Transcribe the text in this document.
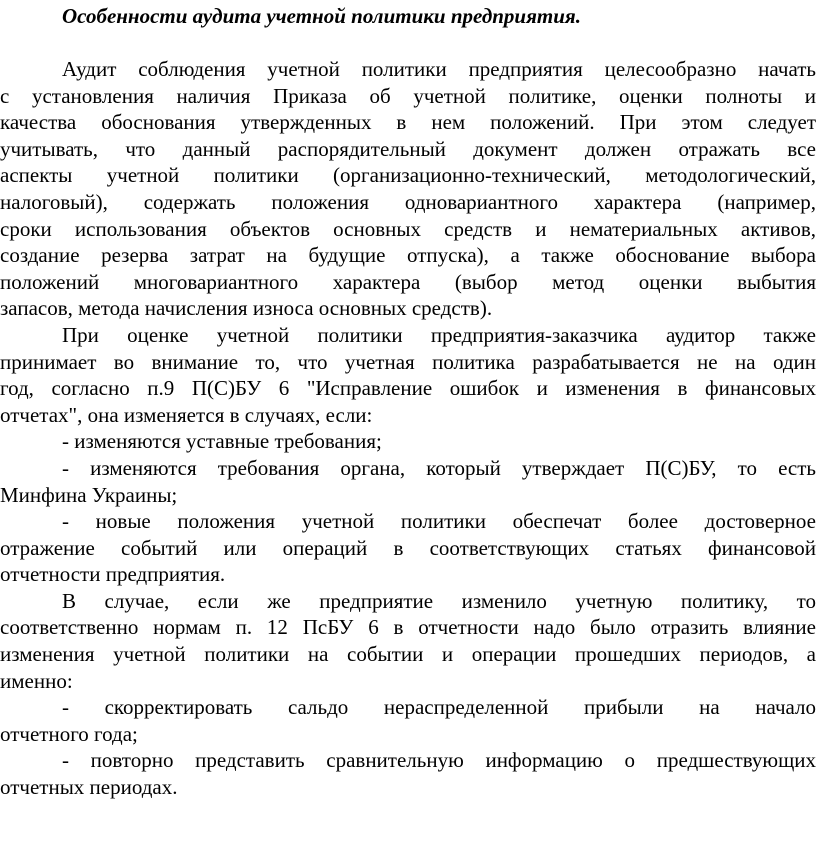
Особенности аудита учетной политики предприятия.
Аудит соблюдения учетной политики предприятия целесообразно начать
с установления наличия Приказа об учетной политике, оценки полноты и
качества обоснования утвержденных в нем положений. При этом следует
учитывать, что данный распорядительный документ должен отражать все
аспекты учетной политики (организационно-технический, методологический,
налоговый), содержать положения одновариантного характера (например,
сроки использования объектов основных средств и нематериальных активов,
создание резерва затрат на будущие отпуска), а также обоснование выбора
положений многовариантного характера (выбор метод оценки выбытия
запасов, метода начисления износа основных средств).
При оценке учетной политики предприятия-заказчика аудитор также
принимает во внимание то, что учетная политика разрабатывается не на один
год, согласно п.9 П(С)БУ 6 "Исправление ошибок и изменения в финансовых
отчетах", она изменяется в случаях, если:
- изменяются уставные требования;
- изменяются требования органа, который утверждает П(С)БУ, то есть
Минфина Украины;
- новые положения учетной политики обеспечат более достоверное
отражение событий или операций в соответствующих статьях финансовой
отчетности предприятия.
В случае, если же предприятие изменило учетную политику, то
соответственно нормам п. 12 ПсБУ 6 в отчетности надо было отразить влияние
изменения учетной политики на событии и операции прошедших периодов, а
именно:
- скорректировать сальдо нераспределенной прибыли на начало
отчетного года;
- повторно представить сравнительную информацию о предшествующих
отчетных периодах.
